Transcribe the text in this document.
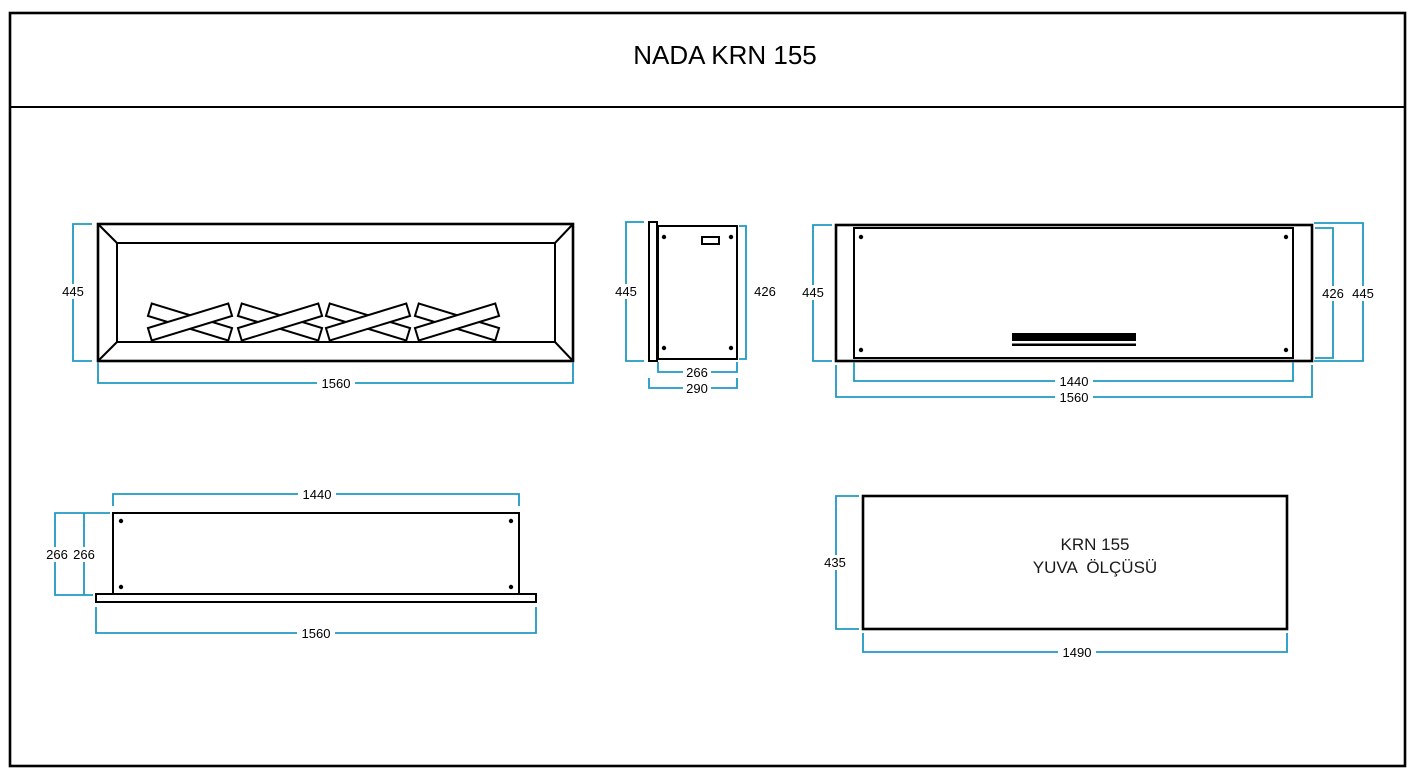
NADA KRN 155
445
1560
445	426
266
290
445	426 445
1440
1560
1440
266 266
1560
KRN 155
YUVA  ÖLÇÜSÜ
435
1490
